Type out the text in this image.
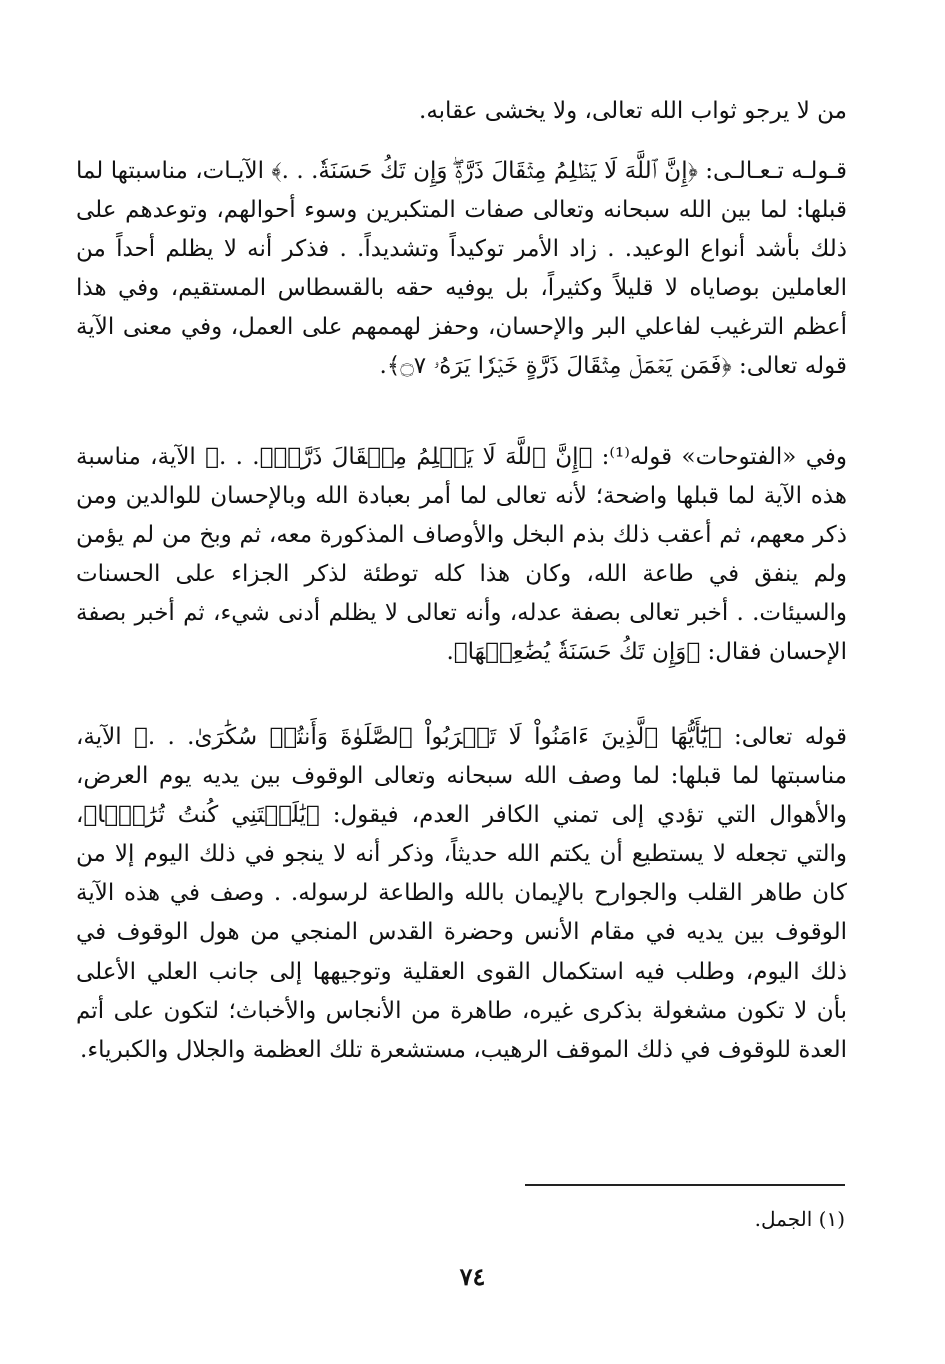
من لا يرجو ثواب الله تعالى، ولا يخشى عقابه.

قـولـه تـعـالـى: ﴿إِنَّ ٱللَّهَ لَا يَظۡلِمُ مِثۡقَالَ ذَرَّةٖۖ وَإِن تَكُ حَسَنَةٗ. . .﴾ الآيـات، مناسبتها لما قبلها: لما بين الله سبحانه وتعالى صفات المتكبرين وسوء أحوالهم، وتوعدهم على ذلك بأشد أنواع الوعيد. . زاد الأمر توكيداً وتشديداً. . فذكر أنه لا يظلم أحداً من العاملين بوصاياه لا قليلاً وكثيراً، بل يوفيه حقه بالقسطاس المستقيم، وفي هذا أعظم الترغيب لفاعلي البر والإحسان، وحفز لهممهم على العمل، وفي معنى الآية قوله تعالى: ﴿فَمَن يَعۡمَلۡ مِثۡقَالَ ذَرَّةٍ خَيۡرٗا يَرَهُۥ ۝٧﴾.

وفي «الفتوحات» قوله⁽¹⁾: ﴿إِنَّ ٱللَّهَ لَا يَظۡلِمُ مِثۡقَالَ ذَرَّةٖۖ. . .﴾ الآية، مناسبة هذه الآية لما قبلها واضحة؛ لأنه تعالى لما أمر بعبادة الله وبالإحسان للوالدين ومن ذكر معهم، ثم أعقب ذلك بذم البخل والأوصاف المذكورة معه، ثم وبخ من لم يؤمن ولم ينفق في طاعة الله، وكان هذا كله توطئة لذكر الجزاء على الحسنات والسيئات. . أخبر تعالى بصفة عدله، وأنه تعالى لا يظلم أدنى شيء، ثم أخبر بصفة الإحسان فقال: ﴿وَإِن تَكُ حَسَنَةٗ يُضَٰعِفۡهَا﴾.

قوله تعالى: ﴿يَٰٓأَيُّهَا ٱلَّذِينَ ءَامَنُواْ لَا تَقۡرَبُواْ ٱلصَّلَوٰةَ وَأَنتُمۡ سُكَٰرَىٰ. . .﴾ الآية، مناسبتها لما قبلها: لما وصف الله سبحانه وتعالى الوقوف بين يديه يوم العرض، والأهوال التي تؤدي إلى تمني الكافر العدم، فيقول: ﴿يَٰلَيۡتَنِي كُنتُ تُرَٰبَۢا﴾، والتي تجعله لا يستطيع أن يكتم الله حديثاً، وذكر أنه لا ينجو في ذلك اليوم إلا من كان طاهر القلب والجوارح بالإيمان بالله والطاعة لرسوله. . وصف في هذه الآية الوقوف بين يديه في مقام الأنس وحضرة القدس المنجي من هول الوقوف في ذلك اليوم، وطلب فيه استكمال القوى العقلية وتوجيهها إلى جانب العلي الأعلى بأن لا تكون مشغولة بذكرى غيره، طاهرة من الأنجاس والأخباث؛ لتكون على أتم العدة للوقوف في ذلك الموقف الرهيب، مستشعرة تلك العظمة والجلال والكبرياء.

(١) الجمل.
٧٤
